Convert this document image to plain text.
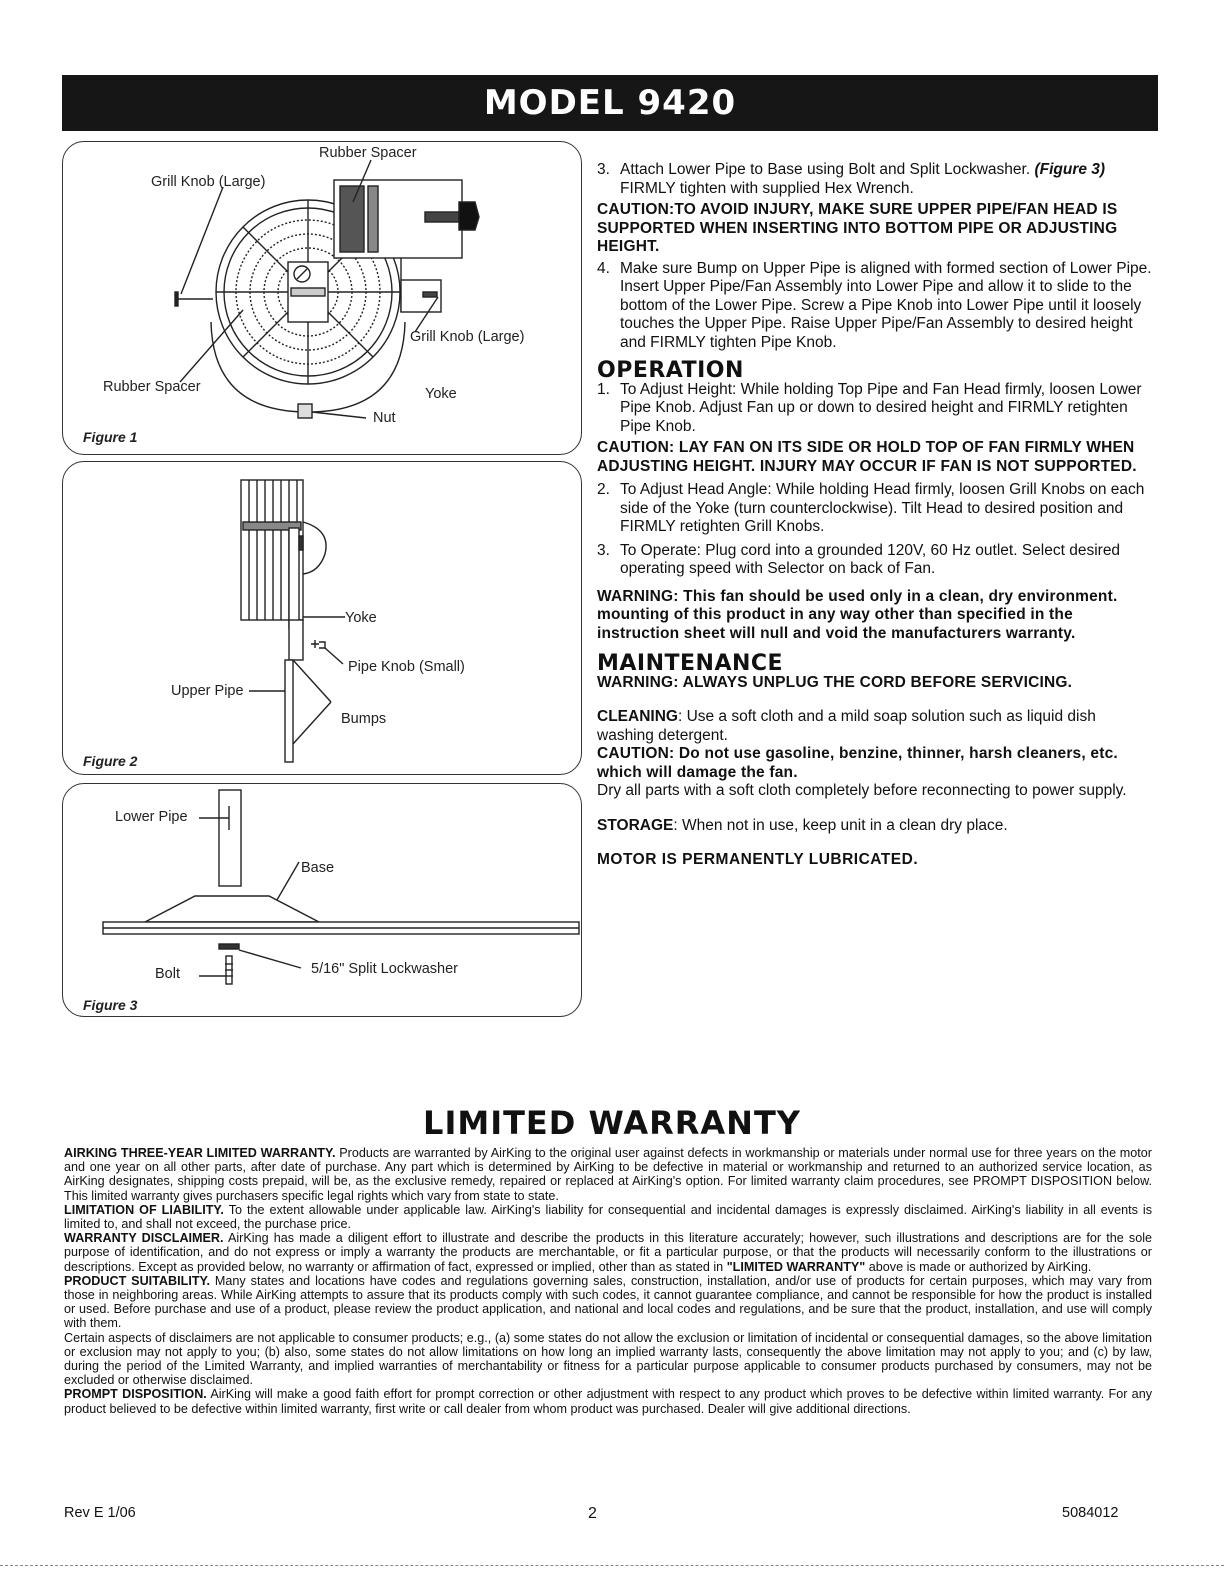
MODEL 9420
Rubber Spacer
Grill Knob (Large)
Grill Knob (Large)
Rubber Spacer	Yoke
Nut
Figure 1
Yoke
Pipe Knob (Small)
Upper Pipe
Bumps
Figure 2
Lower Pipe
Base
Bolt	5/16" Split Lockwasher
Figure 3
3. Attach Lower Pipe to Base using Bolt and Split Lockwasher. (Figure 3) FIRMLY tighten with supplied Hex Wrench.

CAUTION:TO AVOID INJURY, MAKE SURE UPPER PIPE/FAN HEAD IS SUPPORTED WHEN INSERTING INTO BOTTOM PIPE OR ADJUSTING HEIGHT.

4. Make sure Bump on Upper Pipe is aligned with formed section of Lower Pipe. Insert Upper Pipe/Fan Assembly into Lower Pipe and allow it to slide to the bottom of the Lower Pipe. Screw a Pipe Knob into Lower Pipe until it loosely touches the Upper Pipe. Raise Upper Pipe/Fan Assembly to desired height and FIRMLY tighten Pipe Knob.

OPERATION

1. To Adjust Height: While holding Top Pipe and Fan Head firmly, loosen Lower Pipe Knob. Adjust Fan up or down to desired height and FIRMLY retighten Pipe Knob.

CAUTION: LAY FAN ON ITS SIDE OR HOLD TOP OF FAN FIRMLY WHEN ADJUSTING HEIGHT. INJURY MAY OCCUR IF FAN IS NOT SUPPORTED.

2. To Adjust Head Angle: While holding Head firmly, loosen Grill Knobs on each side of the Yoke (turn counterclockwise). Tilt Head to desired position and FIRMLY retighten Grill Knobs.
3. To Operate: Plug cord into a grounded 120V, 60 Hz outlet. Select desired operating speed with Selector on back of Fan.

WARNING: This fan should be used only in a clean, dry environment. mounting of this product in any way other than specified in the instruction sheet will null and void the manufacturers warranty.

MAINTENANCE

WARNING: ALWAYS UNPLUG THE CORD BEFORE SERVICING.

CLEANING: Use a soft cloth and a mild soap solution such as liquid dish washing detergent.

CAUTION: Do not use gasoline, benzine, thinner, harsh cleaners, etc. which will damage the fan.

Dry all parts with a soft cloth completely before reconnecting to power supply.

STORAGE: When not in use, keep unit in a clean dry place.

MOTOR IS PERMANENTLY LUBRICATED.

LIMITED WARRANTY

AIRKING THREE-YEAR LIMITED WARRANTY. Products are warranted by AirKing to the original user against defects in workmanship or materials under normal use for three years on the motor and one year on all other parts, after date of purchase. Any part which is determined by AirKing to be defective in material or workmanship and returned to an authorized service location, as AirKing designates, shipping costs prepaid, will be, as the exclusive remedy, repaired or replaced at AirKing's option. For limited warranty claim procedures, see PROMPT DISPOSITION below. This limited warranty gives purchasers specific legal rights which vary from state to state.

LIMITATION OF LIABILITY. To the extent allowable under applicable law. AirKing's liability for consequential and incidental damages is expressly disclaimed. AirKing's liability in all events is limited to, and shall not exceed, the purchase price.

WARRANTY DISCLAIMER. AirKing has made a diligent effort to illustrate and describe the products in this literature accurately; however, such illustrations and descriptions are for the sole purpose of identification, and do not express or imply a warranty the products are merchantable, or fit a particular purpose, or that the products will necessarily conform to the illustrations or descriptions. Except as provided below, no warranty or affirmation of fact, expressed or implied, other than as stated in "LIMITED WARRANTY" above is made or authorized by AirKing.

PRODUCT SUITABILITY. Many states and locations have codes and regulations governing sales, construction, installation, and/or use of products for certain purposes, which may vary from those in neighboring areas. While AirKing attempts to assure that its products comply with such codes, it cannot guarantee compliance, and cannot be responsible for how the product is installed or used. Before purchase and use of a product, please review the product application, and national and local codes and regulations, and be sure that the product, installation, and use will comply with them.

Certain aspects of disclaimers are not applicable to consumer products; e.g., (a) some states do not allow the exclusion or limitation of incidental or consequential damages, so the above limitation or exclusion may not apply to you; (b) also, some states do not allow limitations on how long an implied warranty lasts, consequently the above limitation may not apply to you; and (c) by law, during the period of the Limited Warranty, and implied warranties of merchantability or fitness for a particular purpose applicable to consumer products purchased by consumers, may not be excluded or otherwise disclaimed.

PROMPT DISPOSITION. AirKing will make a good faith effort for prompt correction or other adjustment with respect to any product which proves to be defective within limited warranty. For any product believed to be defective within limited warranty, first write or call dealer from whom product was purchased. Dealer will give additional directions.

Rev E 1/06	2	5084012
